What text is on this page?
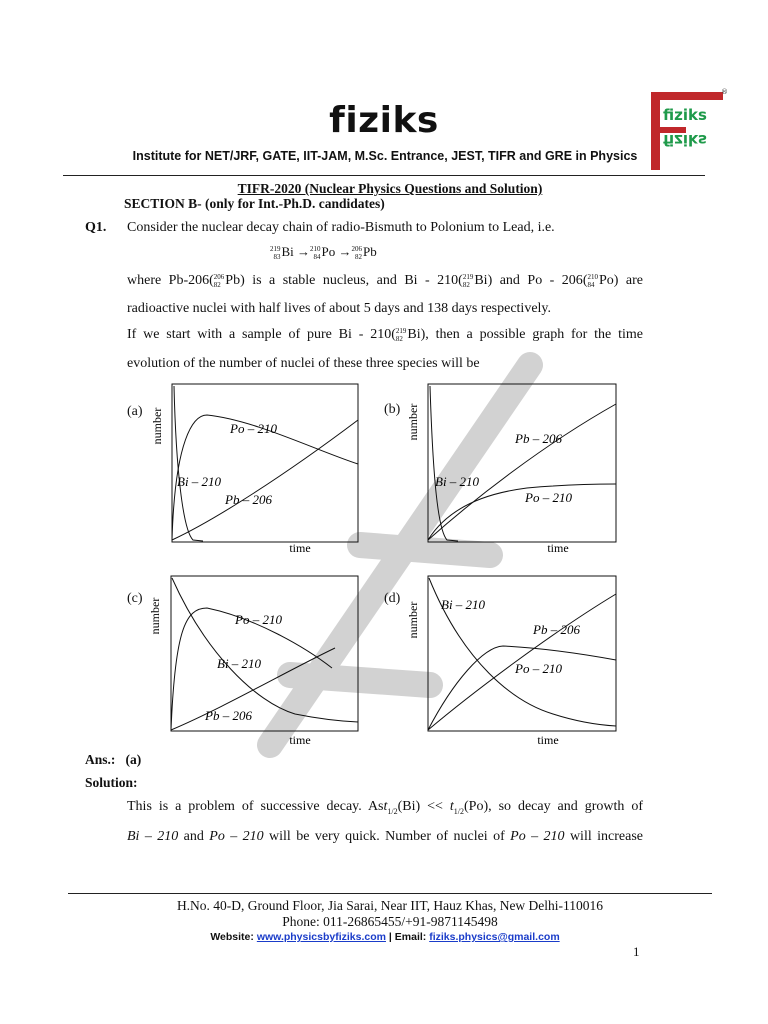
fiziks
Institute for NET/JRF, GATE, IIT-JAM, M.Sc. Entrance, JEST, TIFR and GRE in Physics
fiziks
fiziks
®
TIFR-2020 (Nuclear Physics Questions and Solution)
SECTION B- (only for Int.-Ph.D. candidates)
Q1. Consider the nuclear decay chain of radio-Bismuth to Polonium to Lead, i.e.
219
83Bi →210
84Po →206
82Pb
where Pb-206(206
82 Pb) is a stable nucleus, and Bi - 210(219
82 Bi) and Po - 206(210
84 Po) are
radioactive nuclei with half lives of about 5 days and 138 days respectively.
If we start with a sample of pure Bi - 210(219
82 Bi), then a possible graph for the time
evolution of the number of nuclei of these three species will be
(a) number	Po – 210
Bi – 210
Pb – 206
time
(b) number	Pb – 206
Bi – 210
Po – 210
time
(c) number	Po – 210
Bi – 210
Pb – 206
time
(d)
number Bi – 210
Pb – 206
Po – 210
time
Ans.: (a)
Solution:
This is a problem of successive decay. $Ast_{1/2}(Bi) << t_{1/2}(Po)$, so decay and growth of
Bi – 210 and Po – 210 will be very quick. Number of nuclei of Po – 210 will increase
H.No. 40-D, Ground Floor, Jia Sarai, Near IIT, Hauz Khas, New Delhi-110016
Phone: 011-26865455/+91-9871145498
Website: www.physicsbyfiziks.com | Email: fiziks.physics@gmail.com
1
